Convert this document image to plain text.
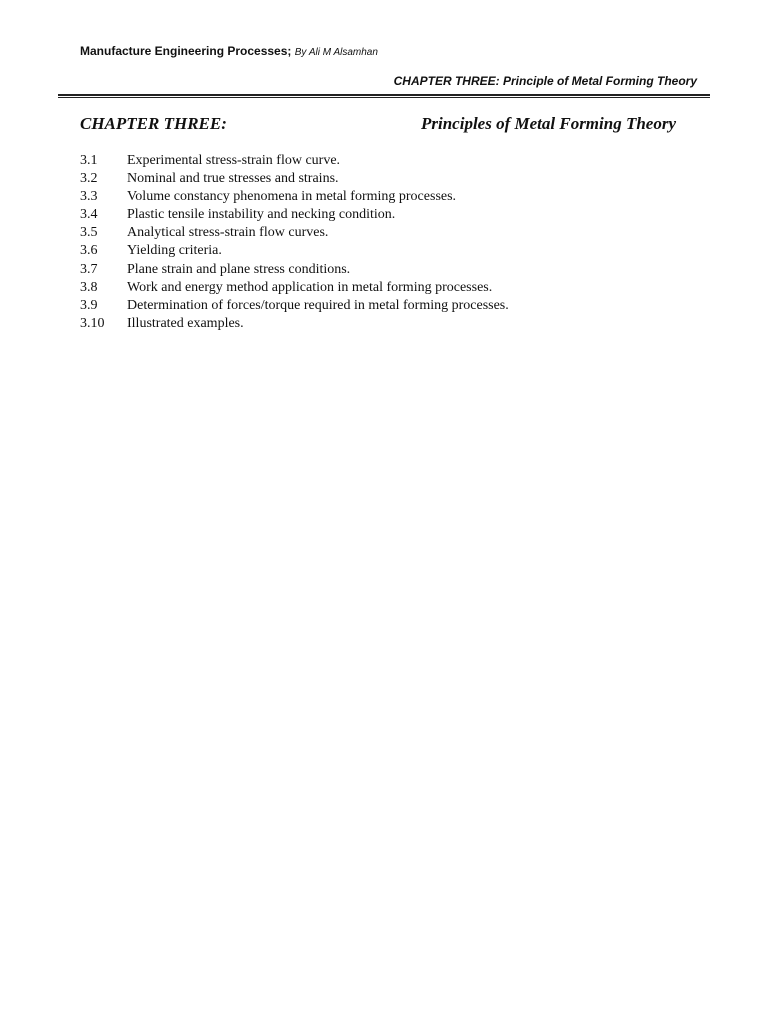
Manufacture Engineering Processes; By Ali M Alsamhan
CHAPTER THREE: Principle of Metal Forming Theory
CHAPTER THREE:	Principles of Metal Forming Theory
3.1	Experimental stress-strain flow curve.
3.2	Nominal and true stresses and strains.
3.3	Volume constancy phenomena in metal forming processes.
3.4	Plastic tensile instability and necking condition.
3.5	Analytical stress-strain flow curves.
3.6	Yielding criteria.
3.7	Plane strain and plane stress conditions.
3.8	Work and energy method application in metal forming processes.
3.9	Determination of forces/torque required in metal forming processes.
3.10	Illustrated examples.
